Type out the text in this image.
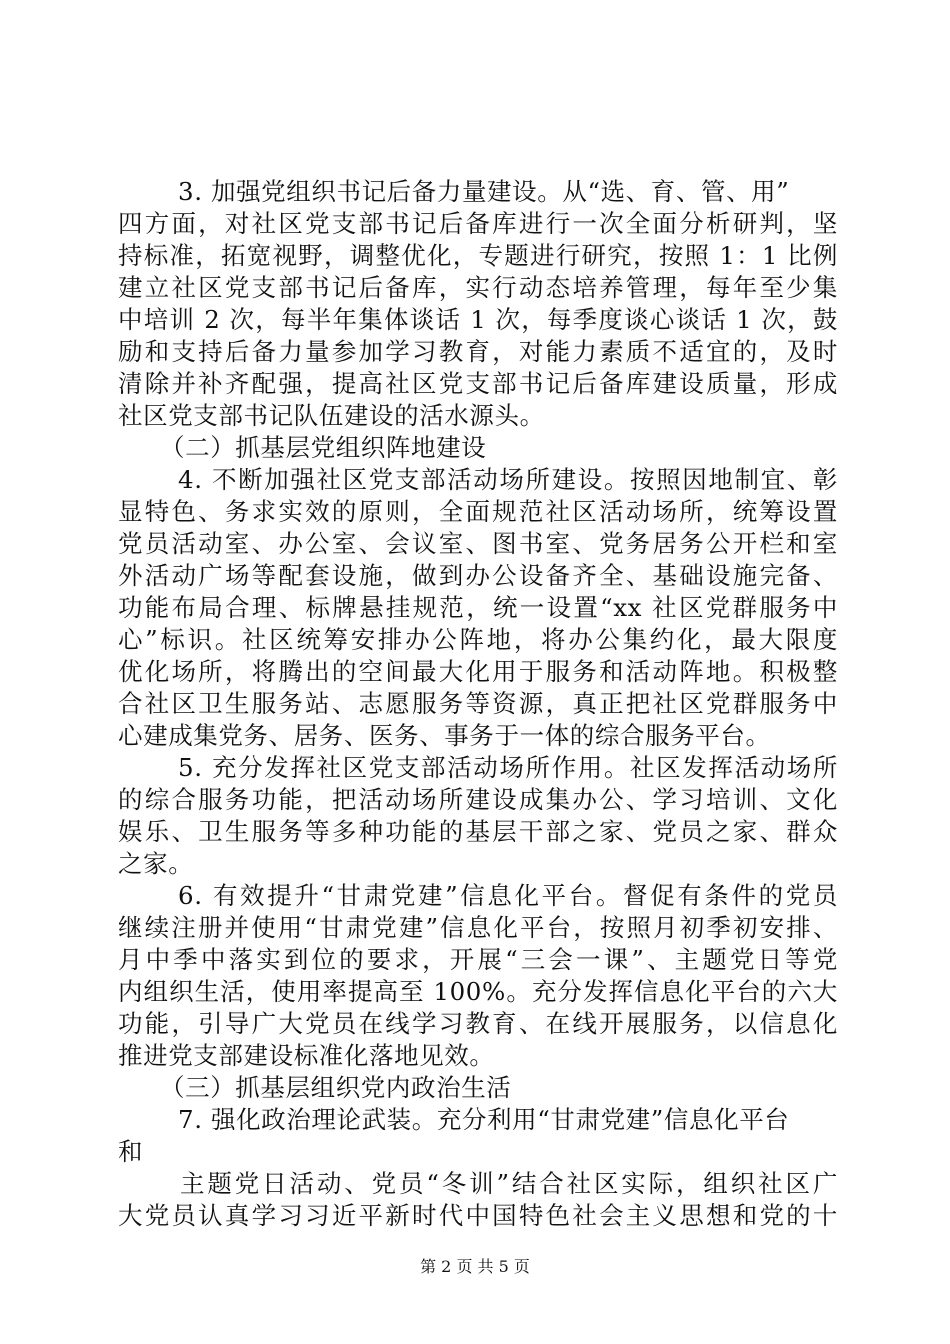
3. 加强党组织书记后备力量建设。从“选、育、管、用”
四方面，对社区党支部书记后备库进行一次全面分析研判，坚
持标准，拓宽视野，调整优化，专题进行研究，按照 1：1 比例
建立社区党支部书记后备库，实行动态培养管理，每年至少集
中培训 2 次，每半年集体谈话 1 次，每季度谈心谈话 1 次，鼓
励和支持后备力量参加学习教育，对能力素质不适宜的，及时
清除并补齐配强，提高社区党支部书记后备库建设质量，形成
社区党支部书记队伍建设的活水源头。
（二）抓基层党组织阵地建设
4. 不断加强社区党支部活动场所建设。按照因地制宜、彰
显特色、务求实效的原则，全面规范社区活动场所，统筹设置
党员活动室、办公室、会议室、图书室、党务居务公开栏和室
外活动广场等配套设施，做到办公设备齐全、基础设施完备、
功能布局合理、标牌悬挂规范，统一设置“xx 社区党群服务中
心”标识。社区统筹安排办公阵地，将办公集约化，最大限度
优化场所，将腾出的空间最大化用于服务和活动阵地。积极整
合社区卫生服务站、志愿服务等资源，真正把社区党群服务中
心建成集党务、居务、医务、事务于一体的综合服务平台。
5. 充分发挥社区党支部活动场所作用。社区发挥活动场所
的综合服务功能，把活动场所建设成集办公、学习培训、文化
娱乐、卫生服务等多种功能的基层干部之家、党员之家、群众
之家。
6. 有效提升“甘肃党建”信息化平台。督促有条件的党员
继续注册并使用“甘肃党建”信息化平台，按照月初季初安排、
月中季中落实到位的要求，开展“三会一课”、主题党日等党
内组织生活，使用率提高至 100%。充分发挥信息化平台的六大
功能，引导广大党员在线学习教育、在线开展服务，以信息化
推进党支部建设标准化落地见效。
（三）抓基层组织党内政治生活
7. 强化政治理论武装。充分利用“甘肃党建”信息化平台
和
主题党日活动、党员“冬训”结合社区实际，组织社区广
大党员认真学习习近平新时代中国特色社会主义思想和党的十
第 2 页 共 5 页
